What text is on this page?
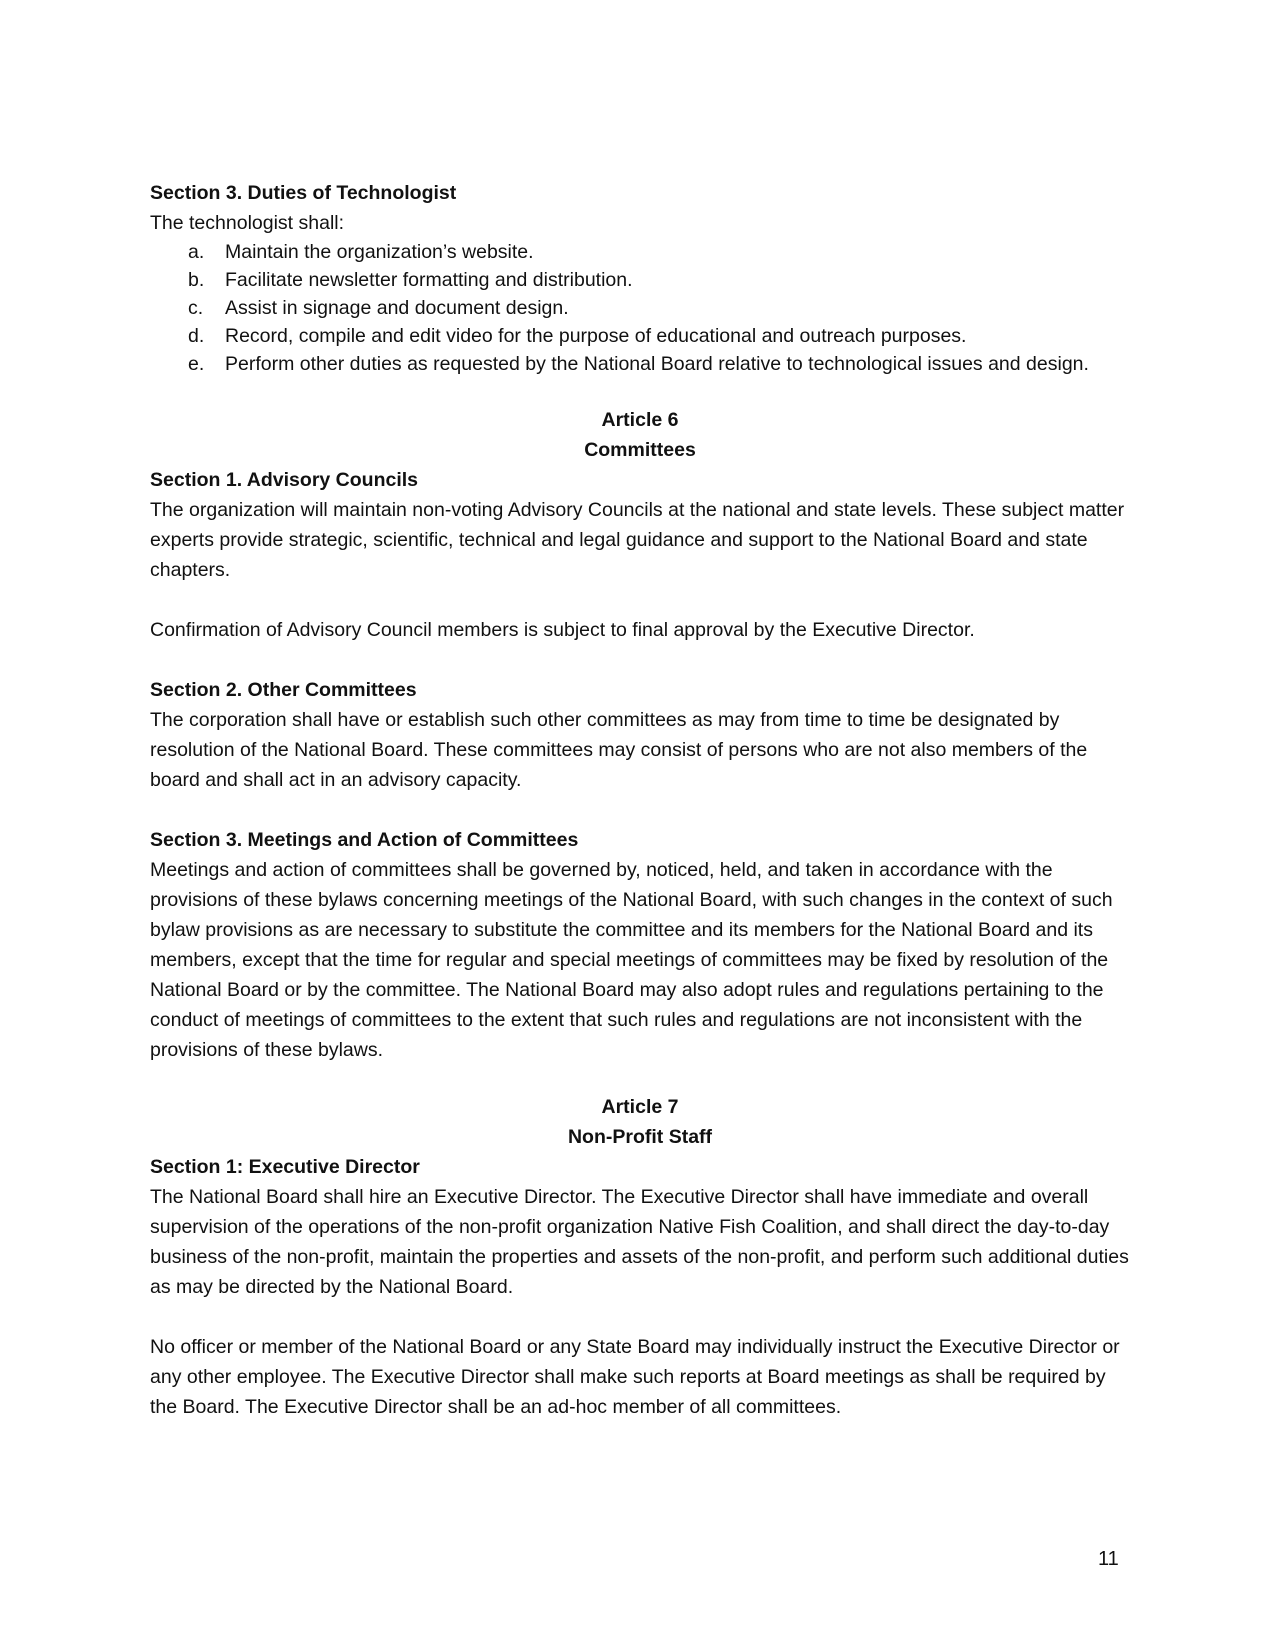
Section 3. Duties of Technologist

The technologist shall:

a. Maintain the organization’s website.
b. Facilitate newsletter formatting and distribution.
c. Assist in signage and document design.
d. Record, compile and edit video for the purpose of educational and outreach purposes.
e. Perform other duties as requested by the National Board relative to technological issues and design.

Article 6

Committees

Section 1. Advisory Councils

The organization will maintain non-voting Advisory Councils at the national and state levels. These subject matter experts provide strategic, scientific, technical and legal guidance and support to the National Board and state chapters.

Confirmation of Advisory Council members is subject to final approval by the Executive Director.

Section 2. Other Committees

The corporation shall have or establish such other committees as may from time to time be designated by resolution of the National Board. These committees may consist of persons who are not also members of the board and shall act in an advisory capacity.

Section 3. Meetings and Action of Committees

Meetings and action of committees shall be governed by, noticed, held, and taken in accordance with the provisions of these bylaws concerning meetings of the National Board, with such changes in the context of such bylaw provisions as are necessary to substitute the committee and its members for the National Board and its members, except that the time for regular and special meetings of committees may be fixed by resolution of the National Board or by the committee. The National Board may also adopt rules and regulations pertaining to the conduct of meetings of committees to the extent that such rules and regulations are not inconsistent with the provisions of these bylaws.

Article 7

Non-Profit Staff

Section 1: Executive Director

The National Board shall hire an Executive Director. The Executive Director shall have immediate and overall supervision of the operations of the non-profit organization Native Fish Coalition, and shall direct the day-to-day business of the non-profit, maintain the properties and assets of the non-profit, and perform such additional duties as may be directed by the National Board.

No officer or member of the National Board or any State Board may individually instruct the Executive Director or any other employee. The Executive Director shall make such reports at Board meetings as shall be required by the Board. The Executive Director shall be an ad-hoc member of all committees.

11
